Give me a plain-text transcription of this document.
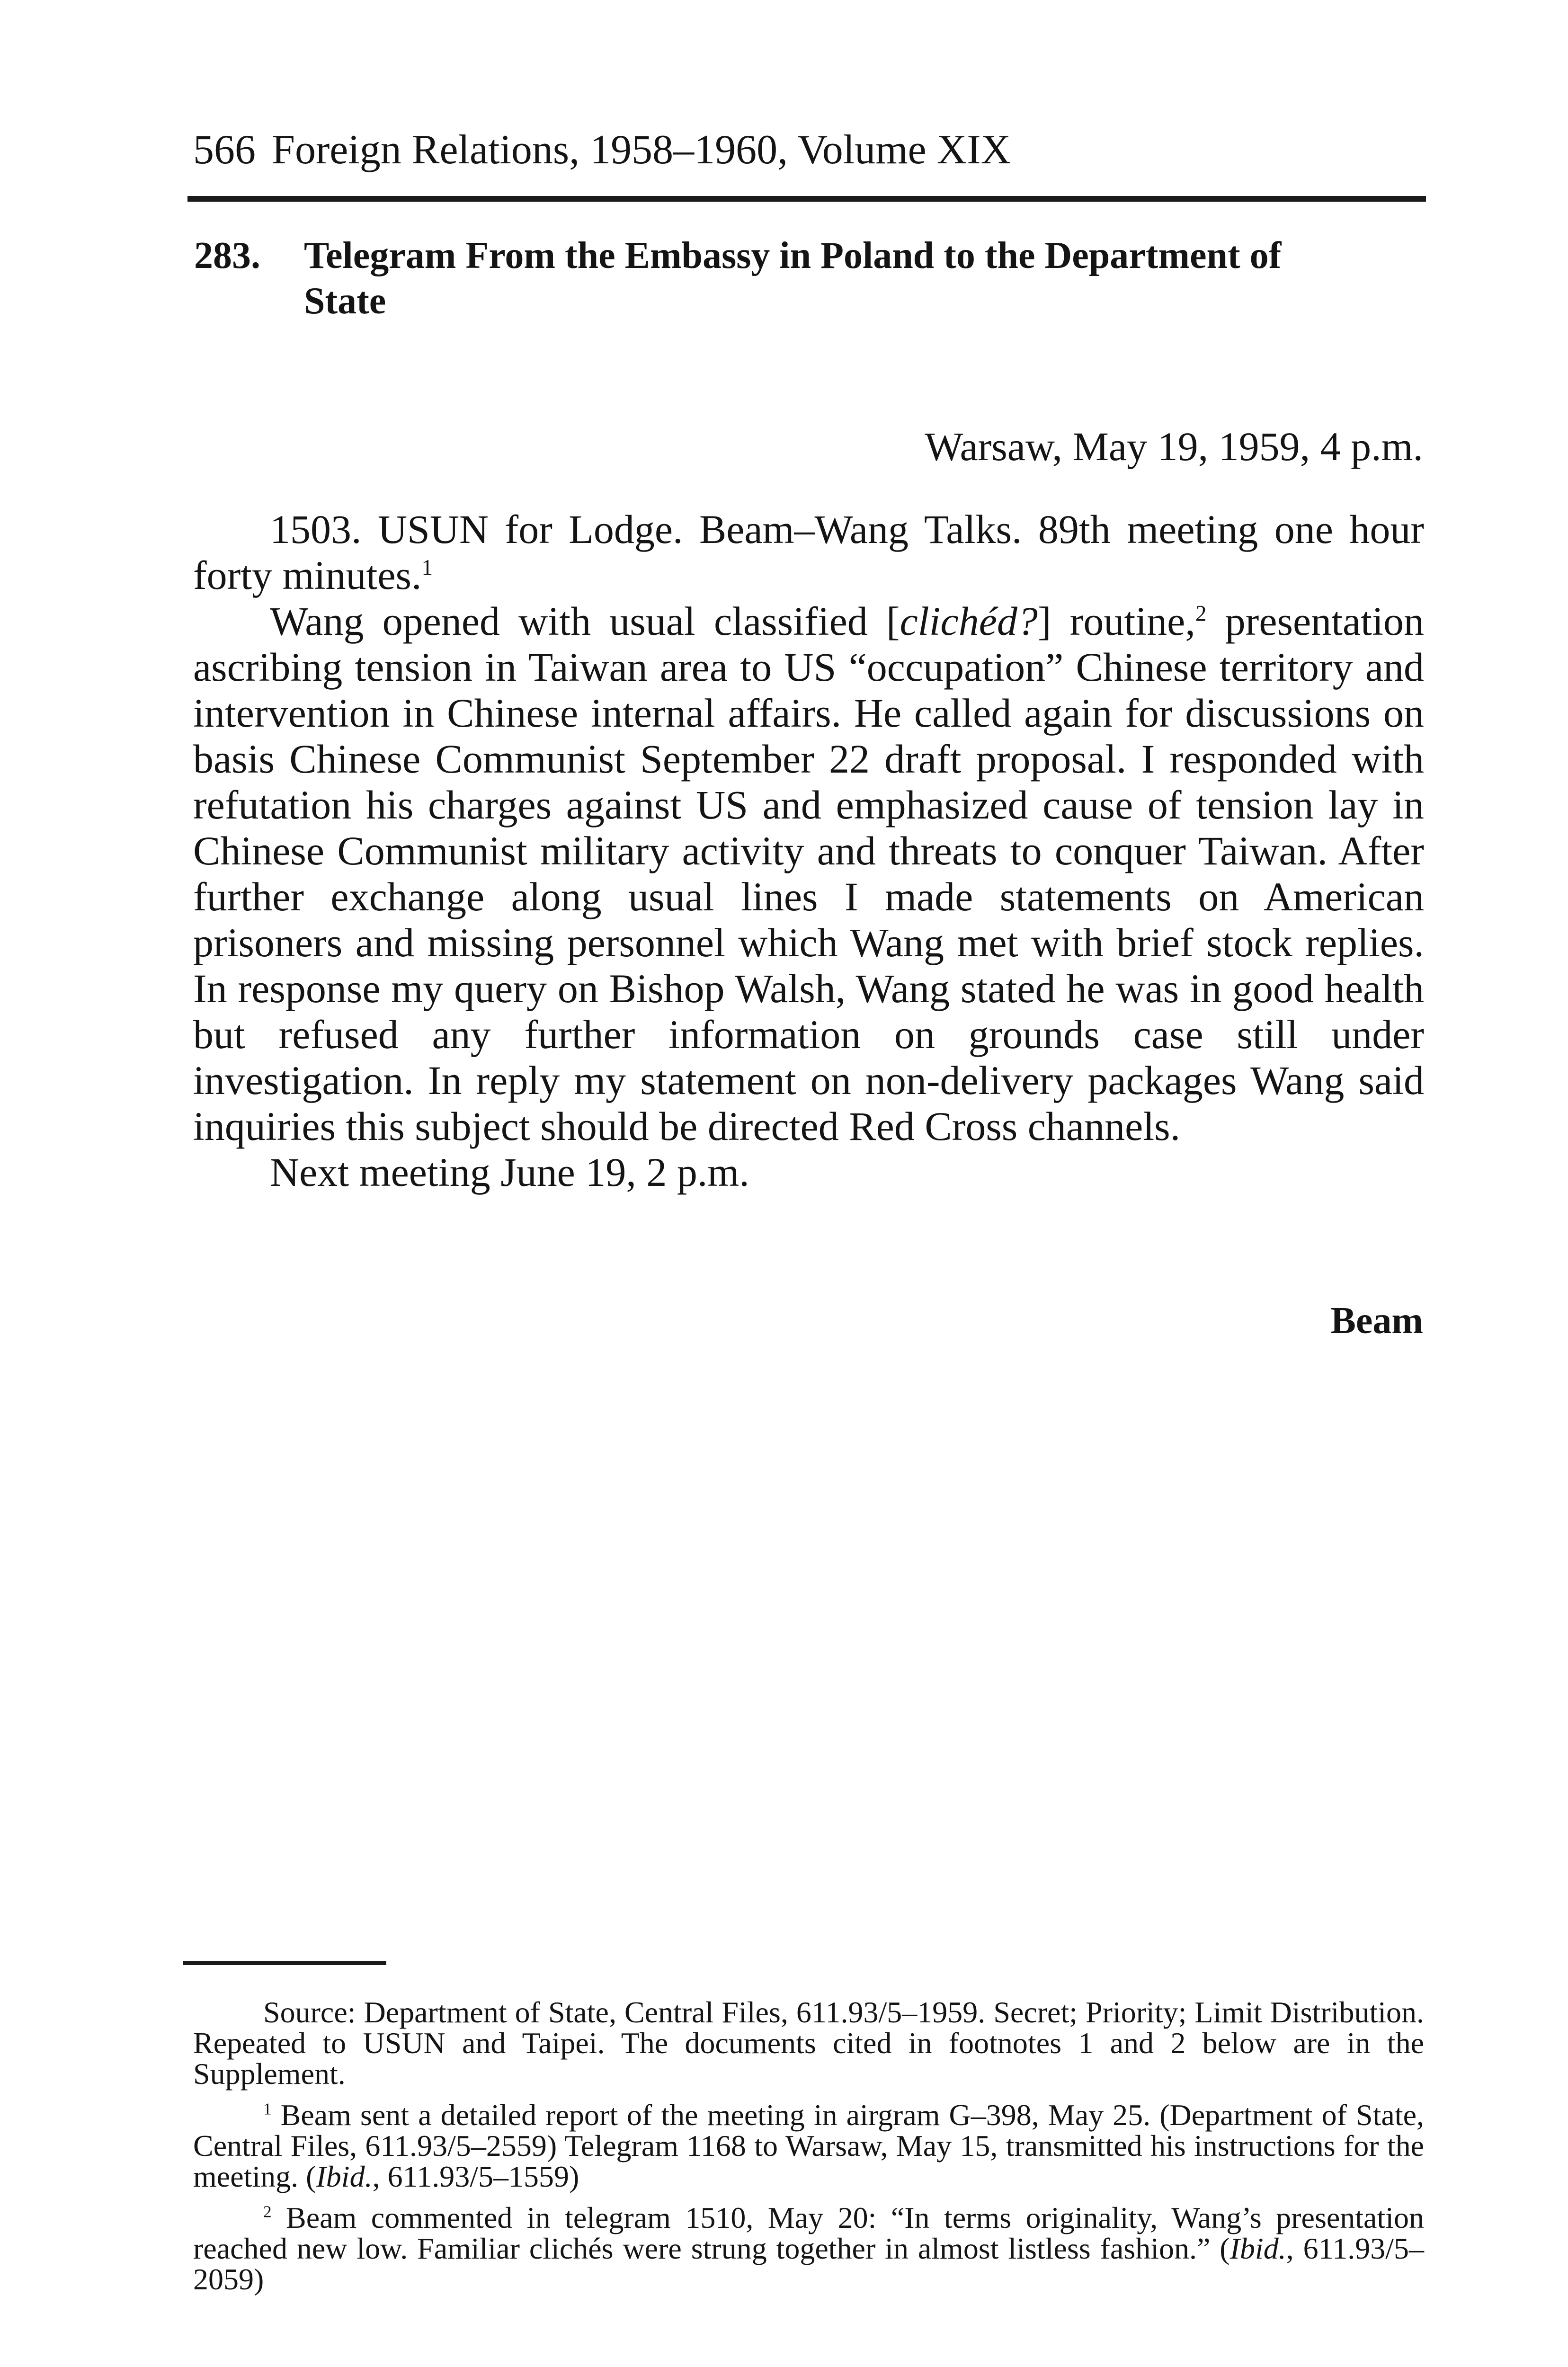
566 Foreign Relations, 1958–1960, Volume XIX
283. Telegram From the Embassy in Poland to the Department of
State
Warsaw, May 19, 1959, 4 p.m.

1503. USUN for Lodge. Beam–Wang Talks. 89th meeting one hour forty minutes.$^1$

Wang opened with usual classified [clichéd?] routine,$^2$ presentation ascribing tension in Taiwan area to US “occupation” Chinese territory and intervention in Chinese internal affairs. He called again for discussions on basis Chinese Communist September 22 draft proposal. I responded with refutation his charges against US and emphasized cause of tension lay in Chinese Communist military activity and threats to conquer Taiwan. After further exchange along usual lines I made statements on American prisoners and missing personnel which Wang met with brief stock replies. In response my query on Bishop Walsh, Wang stated he was in good health but refused any further information on grounds case still under investigation. In reply my statement on non-delivery packages Wang said inquiries this subject should be directed Red Cross channels.

Next meeting June 19, 2 p.m.

Beam

Source: Department of State, Central Files, 611.93/5–1959. Secret; Priority; Limit Distribution. Repeated to USUN and Taipei. The documents cited in footnotes 1 and 2 below are in the Supplement.

$^1$ Beam sent a detailed report of the meeting in airgram G–398, May 25. (Department of State, Central Files, 611.93/5–2559) Telegram 1168 to Warsaw, May 15, transmitted his instructions for the meeting. (Ibid., 611.93/5–1559)

$^2$ Beam commented in telegram 1510, May 20: “In terms originality, Wang’s presentation reached new low. Familiar clichés were strung together in almost listless fashion.” (Ibid., 611.93/5–2059)
